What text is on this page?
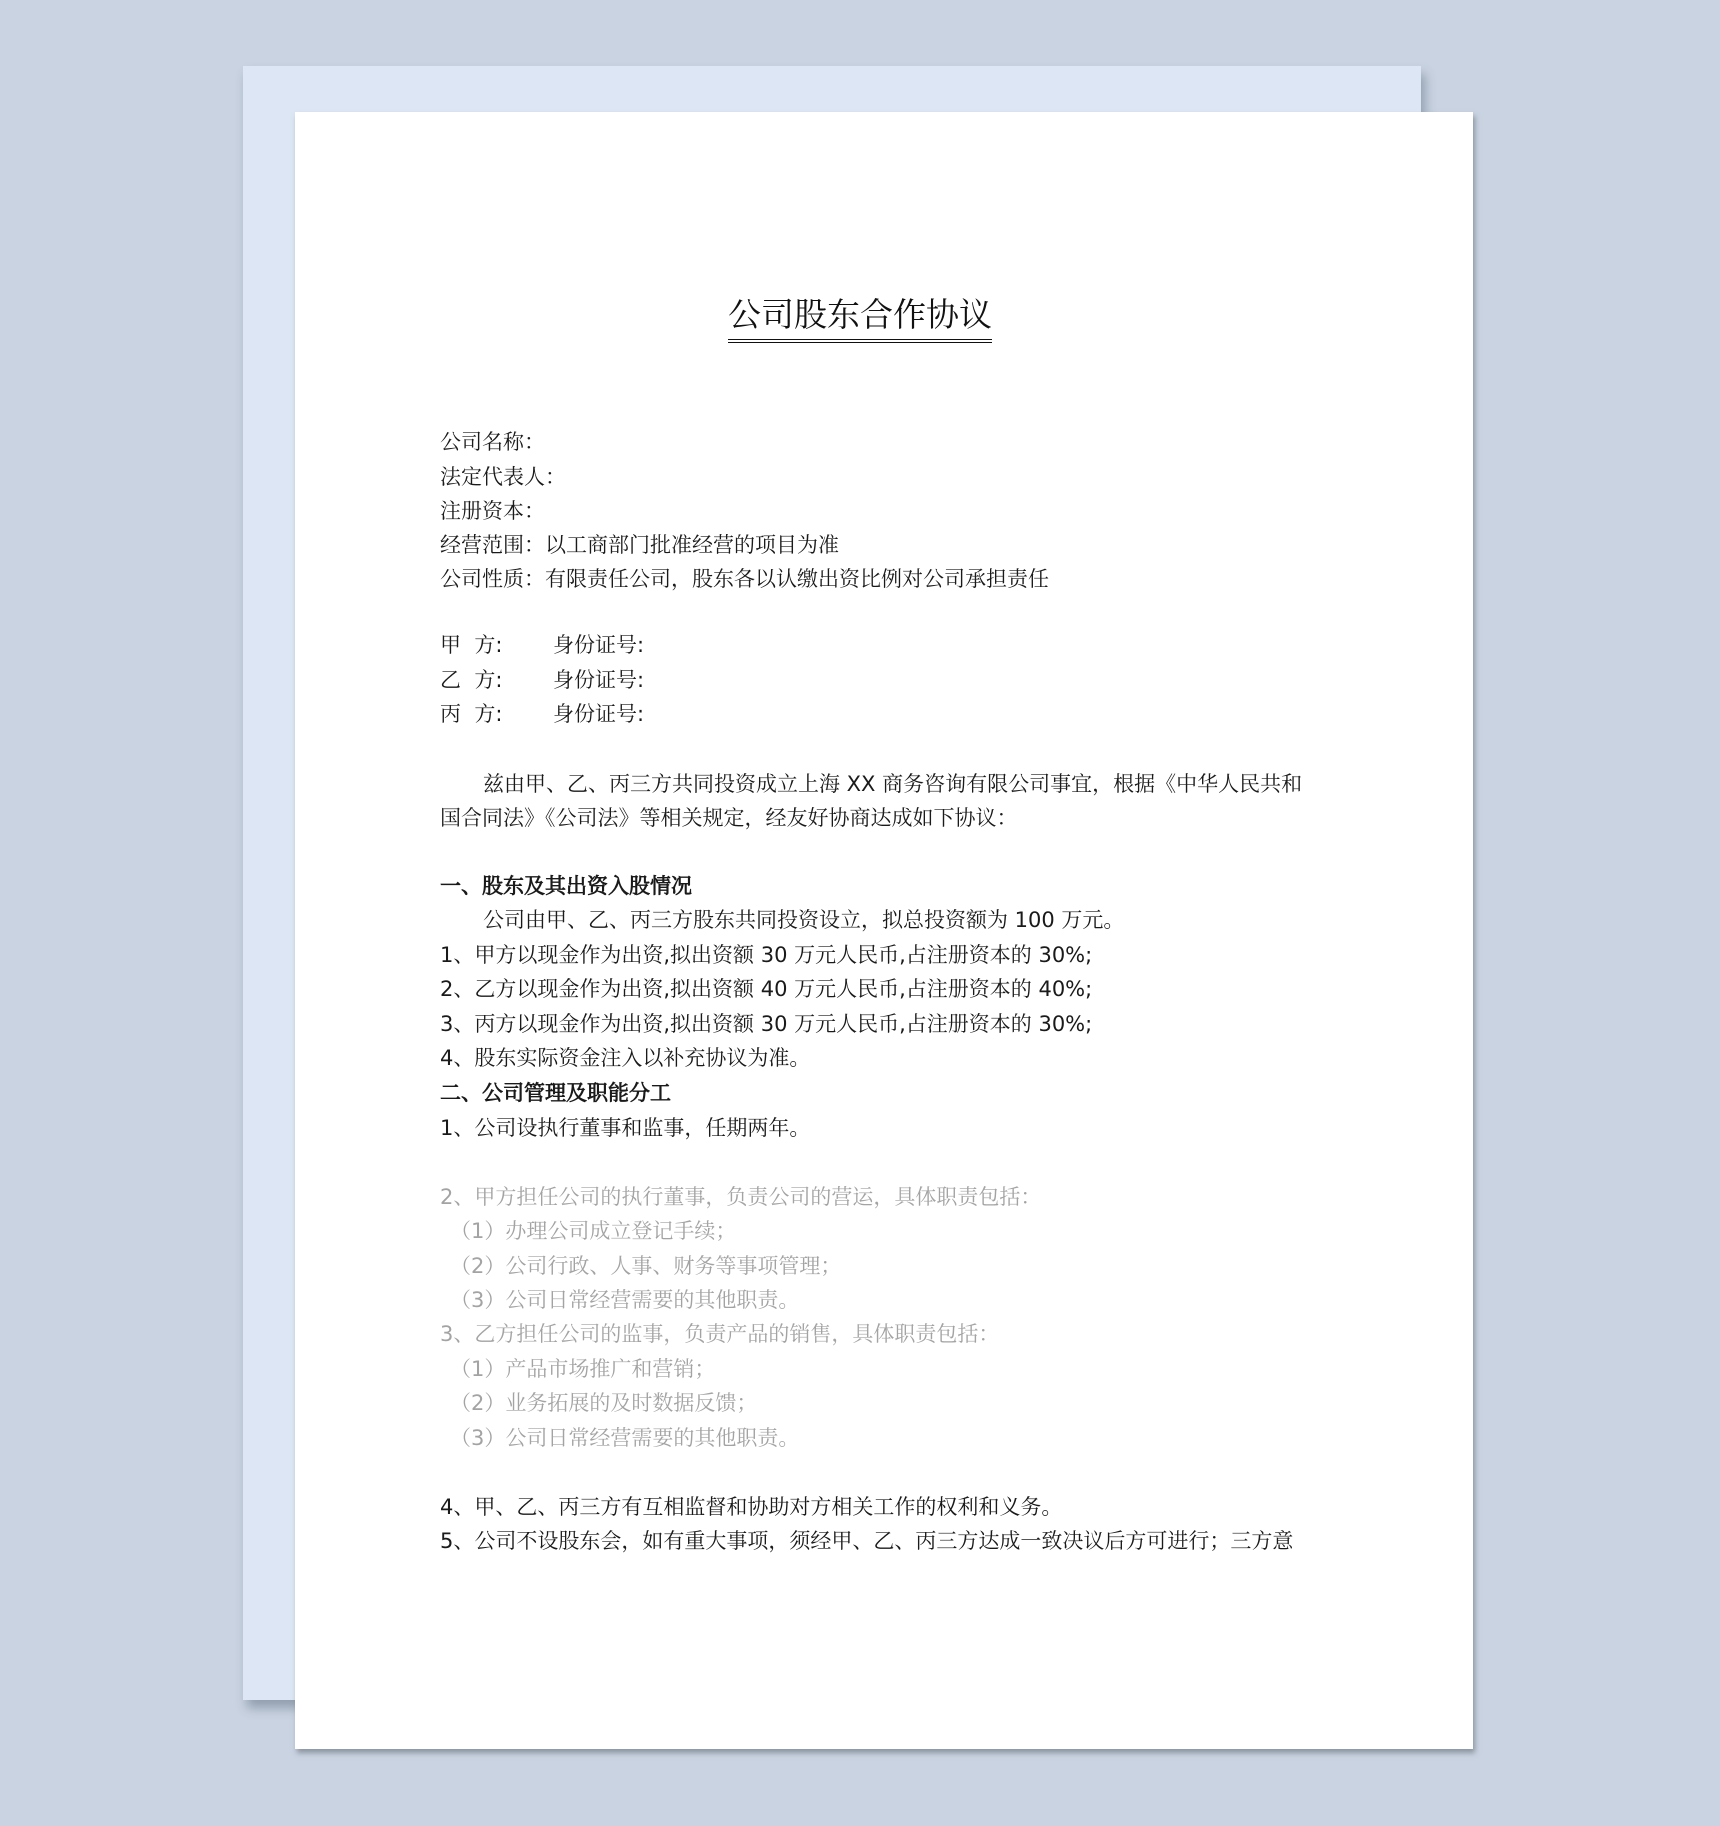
公司股东合作协议
公司名称：
法定代表人：
注册资本：
经营范围：以工商部门批准经营的项目为准
公司性质：有限责任公司，股东各以认缴出资比例对公司承担责任
甲  方: 身份证号:
乙  方: 身份证号:
丙  方: 身份证号:
兹由甲、乙、丙三方共同投资成立上海 XX 商务咨询有限公司事宜，根据《中华人民共和
国合同法》《公司法》等相关规定，经友好协商达成如下协议：
一、股东及其出资入股情况
公司由甲、乙、丙三方股东共同投资设立，拟总投资额为 100 万元。
1、甲方以现金作为出资,拟出资额 30 万元人民币,占注册资本的 30%;
2、乙方以现金作为出资,拟出资额 40 万元人民币,占注册资本的 40%;
3、丙方以现金作为出资,拟出资额 30 万元人民币,占注册资本的 30%;
4、股东实际资金注入以补充协议为准。
二、公司管理及职能分工
1、公司设执行董事和监事，任期两年。
2、甲方担任公司的执行董事，负责公司的营运，具体职责包括：
（1）办理公司成立登记手续；
（2）公司行政、人事、财务等事项管理；
（3）公司日常经营需要的其他职责。
3、乙方担任公司的监事，负责产品的销售，具体职责包括：
（1）产品市场推广和营销；
（2）业务拓展的及时数据反馈；
（3）公司日常经营需要的其他职责。
4、甲、乙、丙三方有互相监督和协助对方相关工作的权利和义务。
5、公司不设股东会，如有重大事项，须经甲、乙、丙三方达成一致决议后方可进行；三方意
